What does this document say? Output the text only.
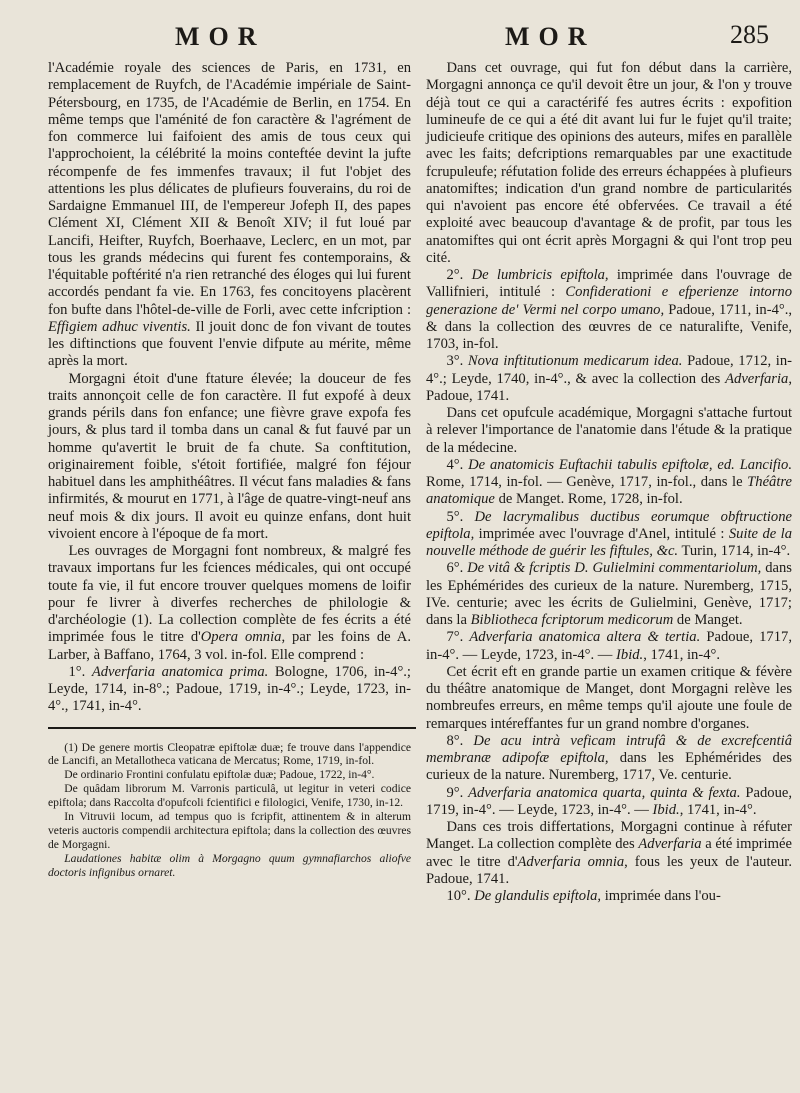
MOR	MOR	285

l'Académie royale des sciences de Paris, en 1731, en remplacement de Ruyfch, de l'Académie impériale de Saint-Pétersbourg, en 1735, de l'Académie de Berlin, en 1754. En même temps que l'aménité de fon caractère & l'agrément de fon commerce lui faifoient des amis de tous ceux qui l'approchoient, la célébrité la moins conteftée devint la jufte récompenfe de fes immenfes travaux; il fut l'objet des attentions les plus délicates de plufieurs fouverains, du roi de Sardaigne Emmanuel III, de l'empereur Jofeph II, des papes Clément XI, Clément XII & Benoît XIV; il fut loué par Lancifi, Heifter, Ruyfch, Boerhaave, Leclerc, en un mot, par tous les grands médecins qui furent fes contemporains, & l'équitable poftérité n'a rien retranché des éloges qui lui furent accordés pendant fa vie. En 1763, fes concitoyens placèrent fon bufte dans l'hôtel-de-ville de Forli, avec cette infcription : Effigiem adhuc viventis. Il jouit donc de fon vivant de toutes les diftinctions que fouvent l'envie difpute au mérite, même après la mort.

Morgagni étoit d'une ftature élevée; la douceur de fes traits annonçoit celle de fon caractère. Il fut expofé à deux grands périls dans fon enfance; une fièvre grave expofa fes jours, & plus tard il tomba dans un canal & fut fauvé par un homme qu'avertit le bruit de fa chute. Sa conftitution, originairement foible, s'étoit fortifiée, malgré fon féjour habituel dans les amphithéâtres. Il vécut fans maladies & fans infirmités, & mourut en 1771, à l'âge de quatre-vingt-neuf ans neuf mois & dix jours. Il avoit eu quinze enfans, dont huit vivoient encore à l'époque de fa mort.

Les ouvrages de Morgagni font nombreux, & malgré fes travaux importans fur les fciences médicales, qui ont occupé toute fa vie, il fut encore trouver quelques momens de loifir pour fe livrer à diverfes recherches de philologie & d'archéologie (1). La collection complète de fes écrits a été imprimée fous le titre d'Opera omnia, par les foins de A. Larber, à Baffano, 1764, 3 vol. in-fol. Elle comprend :

1°. Adverfaria anatomica prima. Bologne, 1706, in-4°.; Leyde, 1714, in-8°.; Padoue, 1719, in-4°.; Leyde, 1723, in-4°., 1741, in-4°.

(1) De genere mortis Cleopatræ epiftolæ duæ; fe trouve dans l'appendice de Lancifi, an Metallotheca vaticana de Mercatus; Rome, 1719, in-fol.

De ordinario Frontini confulatu epiftolæ duæ; Padoue, 1722, in-4°.

De quâdam librorum M. Varronis particulâ, ut legitur in veteri codice epiftola; dans Raccolta d'opufcoli fcientifici e filologici, Venife, 1730, in-12.

In Vitruvii locum, ad tempus quo is fcripfit, attinentem & in alterum veteris auctoris compendii architectura epiftola; dans la collection des œuvres de Morgagni.

Laudationes habitæ olim à Morgagno quum gymnafiarchos aliofve doctoris infignibus ornaret.

Dans cet ouvrage, qui fut fon début dans la carrière, Morgagni annonça ce qu'il devoit être un jour, & l'on y trouve déjà tout ce qui a caractérifé fes autres écrits : expofition lumineufe de ce qui a été dit avant lui fur le fujet qu'il traite; judicieufe critique des opinions des auteurs, mifes en parallèle avec les faits; defcriptions remarquables par une exactitude fcrupuleufe; réfutation folide des erreurs échappées à plufieurs anatomiftes; indication d'un grand nombre de particularités qui n'avoient pas encore été obfervées. Ce travail a été exploité avec beaucoup d'avantage & de profit, par tous les anatomiftes qui ont écrit après Morgagni & qui l'ont trop peu cité.

2°. De lumbricis epiftola, imprimée dans l'ouvrage de Vallifnieri, intitulé : Confiderationi e efperienze intorno generazione de' Vermi nel corpo umano, Padoue, 1711, in-4°., & dans la collection des œuvres de ce naturalifte, Venife, 1703, in-fol.

3°. Nova inftitutionum medicarum idea. Padoue, 1712, in-4°.; Leyde, 1740, in-4°., & avec la collection des Adverfaria, Padoue, 1741.

Dans cet opufcule académique, Morgagni s'attache furtout à relever l'importance de l'anatomie dans l'étude & la pratique de la médecine.

4°. De anatomicis Euftachii tabulis epiftolæ, ed. Lancifio. Rome, 1714, in-fol. — Genève, 1717, in-fol., dans le Théâtre anatomique de Manget. Rome, 1728, in-fol.

5°. De lacrymalibus ductibus eorumque obftructione epiftola, imprimée avec l'ouvrage d'Anel, intitulé : Suite de la nouvelle méthode de guérir les fiftules, &c. Turin, 1714, in-4°.

6°. De vitâ & fcriptis D. Gulielmini commentariolum, dans les Ephémérides des curieux de la nature. Nuremberg, 1715, IVe. centurie; avec les écrits de Gulielmini, Genève, 1717; dans la Bibliotheca fcriptorum medicorum de Manget.

7°. Adverfaria anatomica altera & tertia. Padoue, 1717, in-4°. — Leyde, 1723, in-4°. — Ibid., 1741, in-4°.

Cet écrit eft en grande partie un examen critique & févère du théâtre anatomique de Manget, dont Morgagni relève les nombreufes erreurs, en même temps qu'il ajoute une foule de remarques intéreffantes fur un grand nombre d'organes.

8°. De acu intrà veficam intrufâ & de excrefcentiâ membranæ adipofæ epiftola, dans les Ephémérides des curieux de la nature. Nuremberg, 1717, Ve. centurie.

9°. Adverfaria anatomica quarta, quinta & fexta. Padoue, 1719, in-4°. — Leyde, 1723, in-4°. — Ibid., 1741, in-4°.

Dans ces trois differtations, Morgagni continue à réfuter Manget. La collection complète des Adverfaria a été imprimée avec le titre d'Adverfaria omnia, fous les yeux de l'auteur. Padoue, 1741.

10°. De glandulis epiftola, imprimée dans l'ou-
